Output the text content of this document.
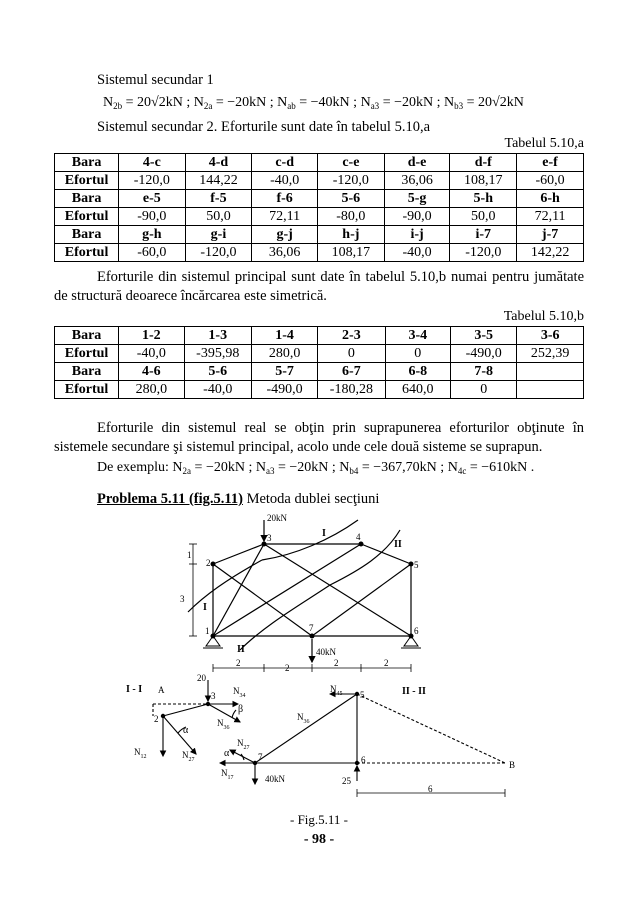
Sistemul secundar 1
$N_{2b} = 20√2kN$ ; $N_{2a} = -20kN$ ; $N_{ab} = -40kN$ ; $N_{a3} = -20kN$ ; $N_{b3} = 20√2kN$
Sistemul secundar 2. Eforturile sunt date în tabelul 5.10,a
Tabelul 5.10,a
Bara	4-c	4-d	c-d	c-e	d-e	d-f	e-f
Efortul	-120,0	144,22	-40,0	-120,0	36,06	108,17	-60,0
Bara	e-5	f-5	f-6	5-6	5-g	5-h	6-h
Efortul	-90,0	50,0	72,11	-80,0	-90,0	50,0	72,11
Bara	g-h	g-i	g-j	h-j	i-j	i-7	j-7
Efortul	-60,0	-120,0	36,06	108,17	-40,0	-120,0	142,22
Eforturile din sistemul principal sunt date în tabelul 5.10,b numai pentru jumătate de structură deoarece încărcarea este simetrică.
Tabelul 5.10,b
Bara	1-2	1-3	1-4	2-3	3-4	3-5	3-6
Efortul	-40,0	-395,98	280,0	0	0	-490,0	252,39
Bara	4-6	5-6	5-7	6-7	6-8	7-8	
Efortul	280,0	-40,0	-490,0	-180,28	640,0	0	
Eforturile din sistemul real se obţin prin suprapunerea eforturilor obţinute în sistemele secundare şi sistemul principal, acolo unde cele două sisteme se suprapun.
De exemplu: $N_{2a} = -20kN$ ; $N_{a3} = -20kN$ ; $N_{b4} = -367,70kN$ ; $N_{4c} = -610kN$ .
Problema 5.11 (fig.5.11) Metoda dublei secţiuni
20kN
40kN
1
2
3	4
5
6
7
1
3
2	2	2	2
I
I
II
II
I - I A
20
2
3
7
$N_{34}$
$N_{36}$
$N_{12}$	$N_{27}$
$N_{27}$
$N_{17}$
α
α
β
40kN
II - II
$N_{45}$
$N_{36}$
5
6
25
B
6
- Fig.5.11 -
- 98 -
